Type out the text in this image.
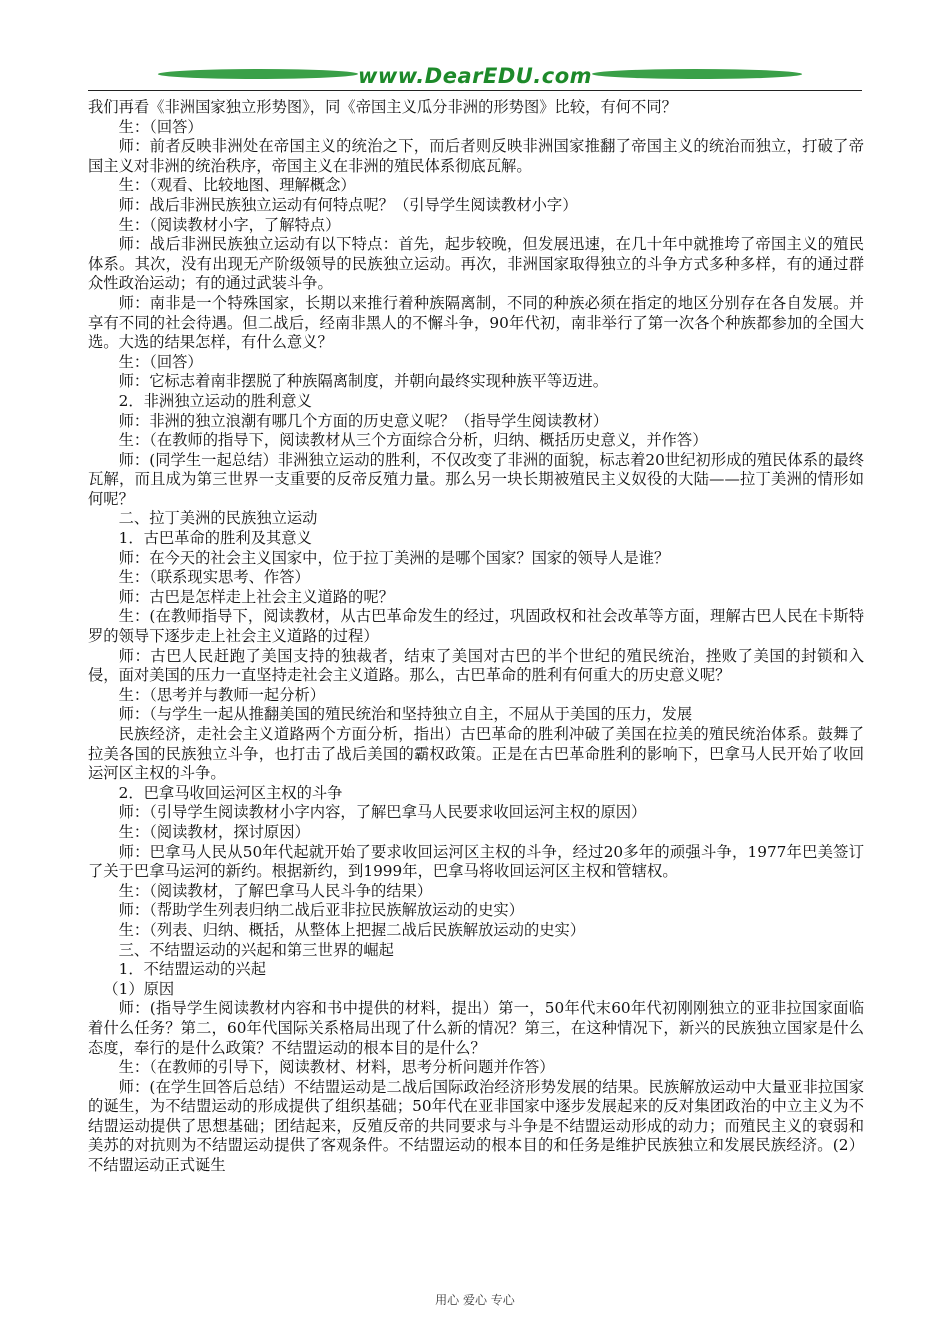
www.DearEDU.com

我们再看《非洲国家独立形势图》，同《帝国主义瓜分非洲的形势图》比较，有何不同？

生：（回答）

师：前者反映非洲处在帝国主义的统治之下，而后者则反映非洲国家推翻了帝国主义的统治而独立，打破了帝国主义对非洲的统治秩序，帝国主义在非洲的殖民体系彻底瓦解。

生：（观看、比较地图、理解概念）

师：战后非洲民族独立运动有何特点呢？（引导学生阅读教材小字）

生：（阅读教材小字，了解特点）

师：战后非洲民族独立运动有以下特点：首先，起步较晚，但发展迅速，在几十年中就推垮了帝国主义的殖民体系。其次，没有出现无产阶级领导的民族独立运动。再次，非洲国家取得独立的斗争方式多种多样，有的通过群众性政治运动；有的通过武装斗争。

师：南非是一个特殊国家，长期以来推行着种族隔离制，不同的种族必须在指定的地区分别存在各自发展。并享有不同的社会待遇。但二战后，经南非黑人的不懈斗争，90年代初，南非举行了第一次各个种族都参加的全国大选。大选的结果怎样，有什么意义？

生：（回答）

师：它标志着南非摆脱了种族隔离制度，并朝向最终实现种族平等迈进。

2．非洲独立运动的胜利意义

师：非洲的独立浪潮有哪几个方面的历史意义呢？（指导学生阅读教材）

生：（在教师的指导下，阅读教材从三个方面综合分析，归纳、概括历史意义，并作答）

师：(同学生一起总结）非洲独立运动的胜利，不仅改变了非洲的面貌，标志着20世纪初形成的殖民体系的最终瓦解，而且成为第三世界一支重要的反帝反殖力量。那么另一块长期被殖民主义奴役的大陆——拉丁美洲的情形如何呢？

二、拉丁美洲的民族独立运动

1．古巴革命的胜利及其意义

师：在今天的社会主义国家中，位于拉丁美洲的是哪个国家？国家的领导人是谁？

生：（联系现实思考、作答）

师：古巴是怎样走上社会主义道路的呢？

生：(在教师指导下，阅读教材，从古巴革命发生的经过，巩固政权和社会改革等方面，理解古巴人民在卡斯特罗的领导下逐步走上社会主义道路的过程）

师：古巴人民赶跑了美国支持的独裁者，结束了美国对古巴的半个世纪的殖民统治，挫败了美国的封锁和入侵，面对美国的压力一直坚持走社会主义道路。那么，古巴革命的胜利有何重大的历史意义呢？

生：（思考并与教师一起分析）

师：（与学生一起从推翻美国的殖民统治和坚持独立自主，不屈从于美国的压力，发展

民族经济，走社会主义道路两个方面分析，指出）古巴革命的胜利冲破了美国在拉美的殖民统治体系。鼓舞了拉美各国的民族独立斗争，也打击了战后美国的霸权政策。正是在古巴革命胜利的影响下，巴拿马人民开始了收回运河区主权的斗争。

2．巴拿马收回运河区主权的斗争

师：（引导学生阅读教材小字内容，了解巴拿马人民要求收回运河主权的原因）

生：（阅读教材，探讨原因）

师：巴拿马人民从50年代起就开始了要求收回运河区主权的斗争，经过20多年的顽强斗争，1977年巴美签订了关于巴拿马运河的新约。根据新约，到1999年，巴拿马将收回运河区主权和管辖权。

生：（阅读教材，了解巴拿马人民斗争的结果）

师：（帮助学生列表归纳二战后亚非拉民族解放运动的史实）

生：（列表、归纳、概括，从整体上把握二战后民族解放运动的史实）

三、不结盟运动的兴起和第三世界的崛起

1．不结盟运动的兴起

（1）原因

师：(指导学生阅读教材内容和书中提供的材料，提出）第一，50年代末60年代初刚刚独立的亚非拉国家面临着什么任务？第二，60年代国际关系格局出现了什么新的情况？第三，在这种情况下，新兴的民族独立国家是什么态度，奉行的是什么政策？不结盟运动的根本目的是什么？

生：（在教师的引导下，阅读教材、材料，思考分析问题并作答）

师：(在学生回答后总结）不结盟运动是二战后国际政治经济形势发展的结果。民族解放运动中大量亚非拉国家的诞生，为不结盟运动的形成提供了组织基础；50年代在亚非国家中逐步发展起来的反对集团政治的中立主义为不结盟运动提供了思想基础；团结起来，反殖反帝的共同要求与斗争是不结盟运动形成的动力；而殖民主义的衰弱和美苏的对抗则为不结盟运动提供了客观条件。不结盟运动的根本目的和任务是维护民族独立和发展民族经济。(2）不结盟运动正式诞生

用心 爱心 专心
